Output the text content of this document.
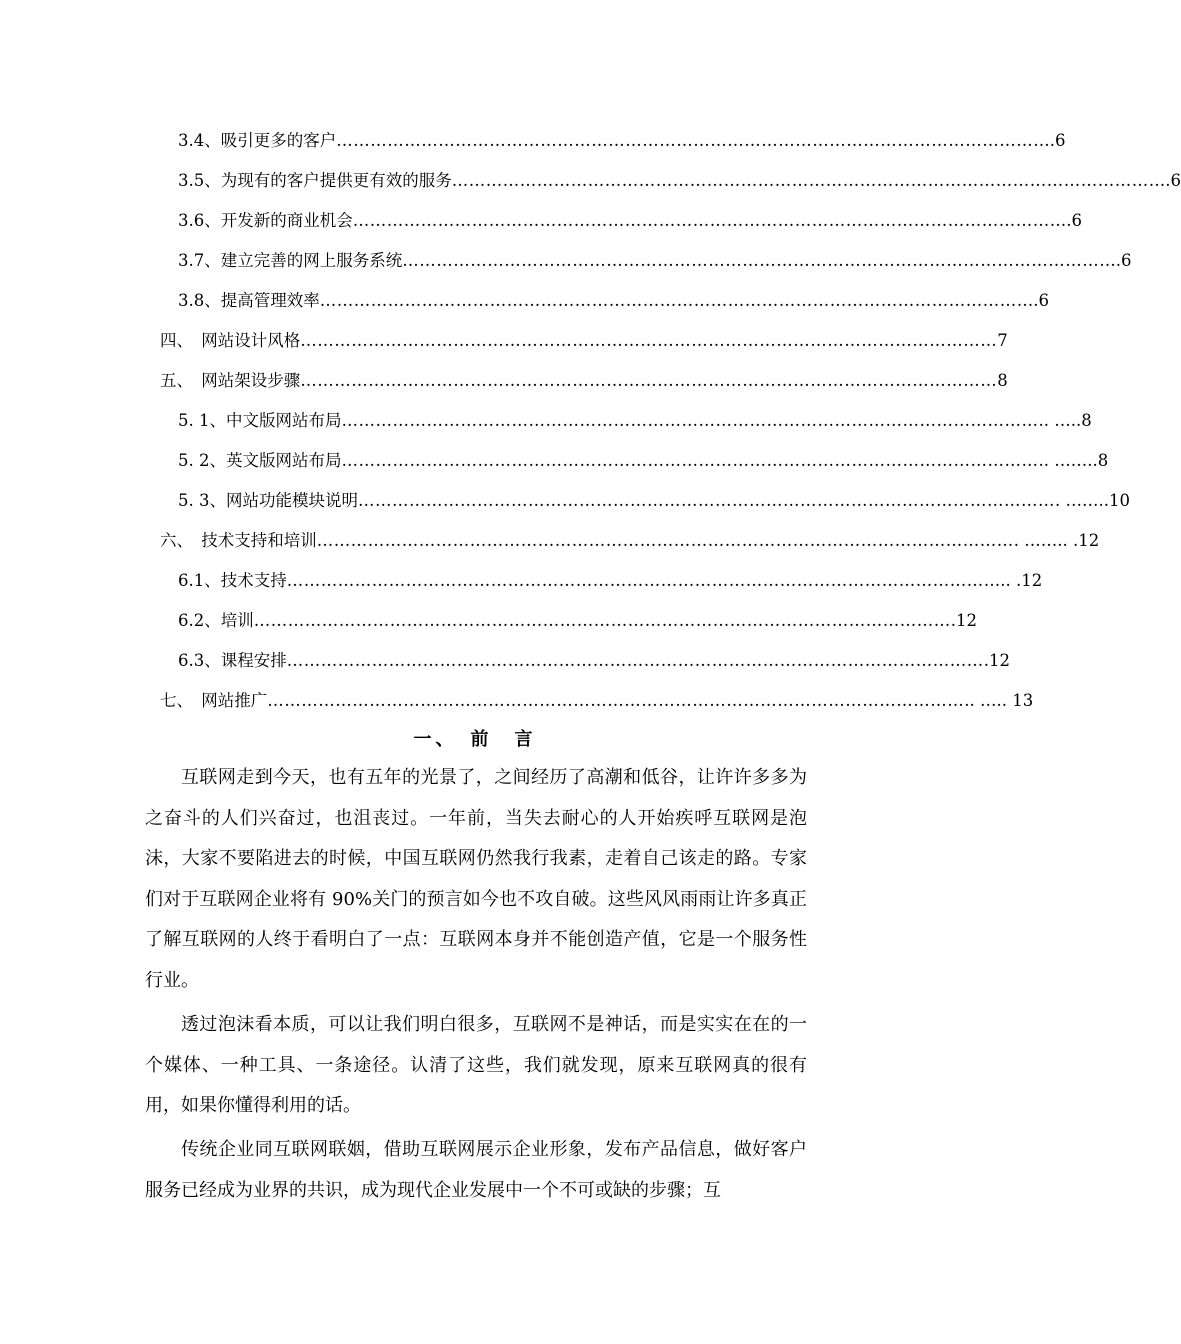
3.4、吸引更多的客户 …………………………………………………………………………………………………………… ….6
3.5、为现有的客户提供更有效的服务 …………………………………………………………………………………………………………… ….6
3.6、开发新的商业机会 …………………………………………………………………………………………………………… ….6
3.7、建立完善的网上服务系统 …………………………………………………………………………………………………………… ….6
3.8、提高管理效率 …………………………………………………………………………………………………………… ….6
四、　网站设计风格 …………………………………………………………………………………………………………… 7
五、　网站架设步骤 …………………………………………………………………………………………………………… 8
5. 1、中文版网站布局 …………………………………………………………………………………………………………… .. …..8
5. 2、英文版网站布局 …………………………………………………………………………………………………………… .. ……..8
5. 3、网站功能模块说明 …………………………………………………………………………………………………………… . ……..10
六、　技术支持和培训 …………………………………………………………………………………………………………… . …….. .12
6.1、技术支持 …………………………………………………………………………………………………………… ….. .12
6.2、培训 …………………………………………………………………………………………………………… .12
6.3、课程安排 …………………………………………………………………………………………………………… .12
七、　网站推广 …………………………………………………………………………………………………………… .. ….. 13
一、　前　言

互联网走到今天，也有五年的光景了，之间经历了高潮和低谷，让许许多多为之奋斗的人们兴奋过，也沮丧过。一年前，当失去耐心的人开始疾呼互联网是泡沫，大家不要陷进去的时候，中国互联网仍然我行我素，走着自己该走的路。专家们对于互联网企业将有 90%关门的预言如今也不攻自破。这些风风雨雨让许多真正了解互联网的人终于看明白了一点：互联网本身并不能创造产值，它是一个服务性行业。

透过泡沫看本质，可以让我们明白很多，互联网不是神话，而是实实在在的一个媒体、一种工具、一条途径。认清了这些，我们就发现，原来互联网真的很有用，如果你懂得利用的话。

传统企业同互联网联姻，借助互联网展示企业形象，发布产品信息，做好客户服务已经成为业界的共识，成为现代企业发展中一个不可或缺的步骤；互
